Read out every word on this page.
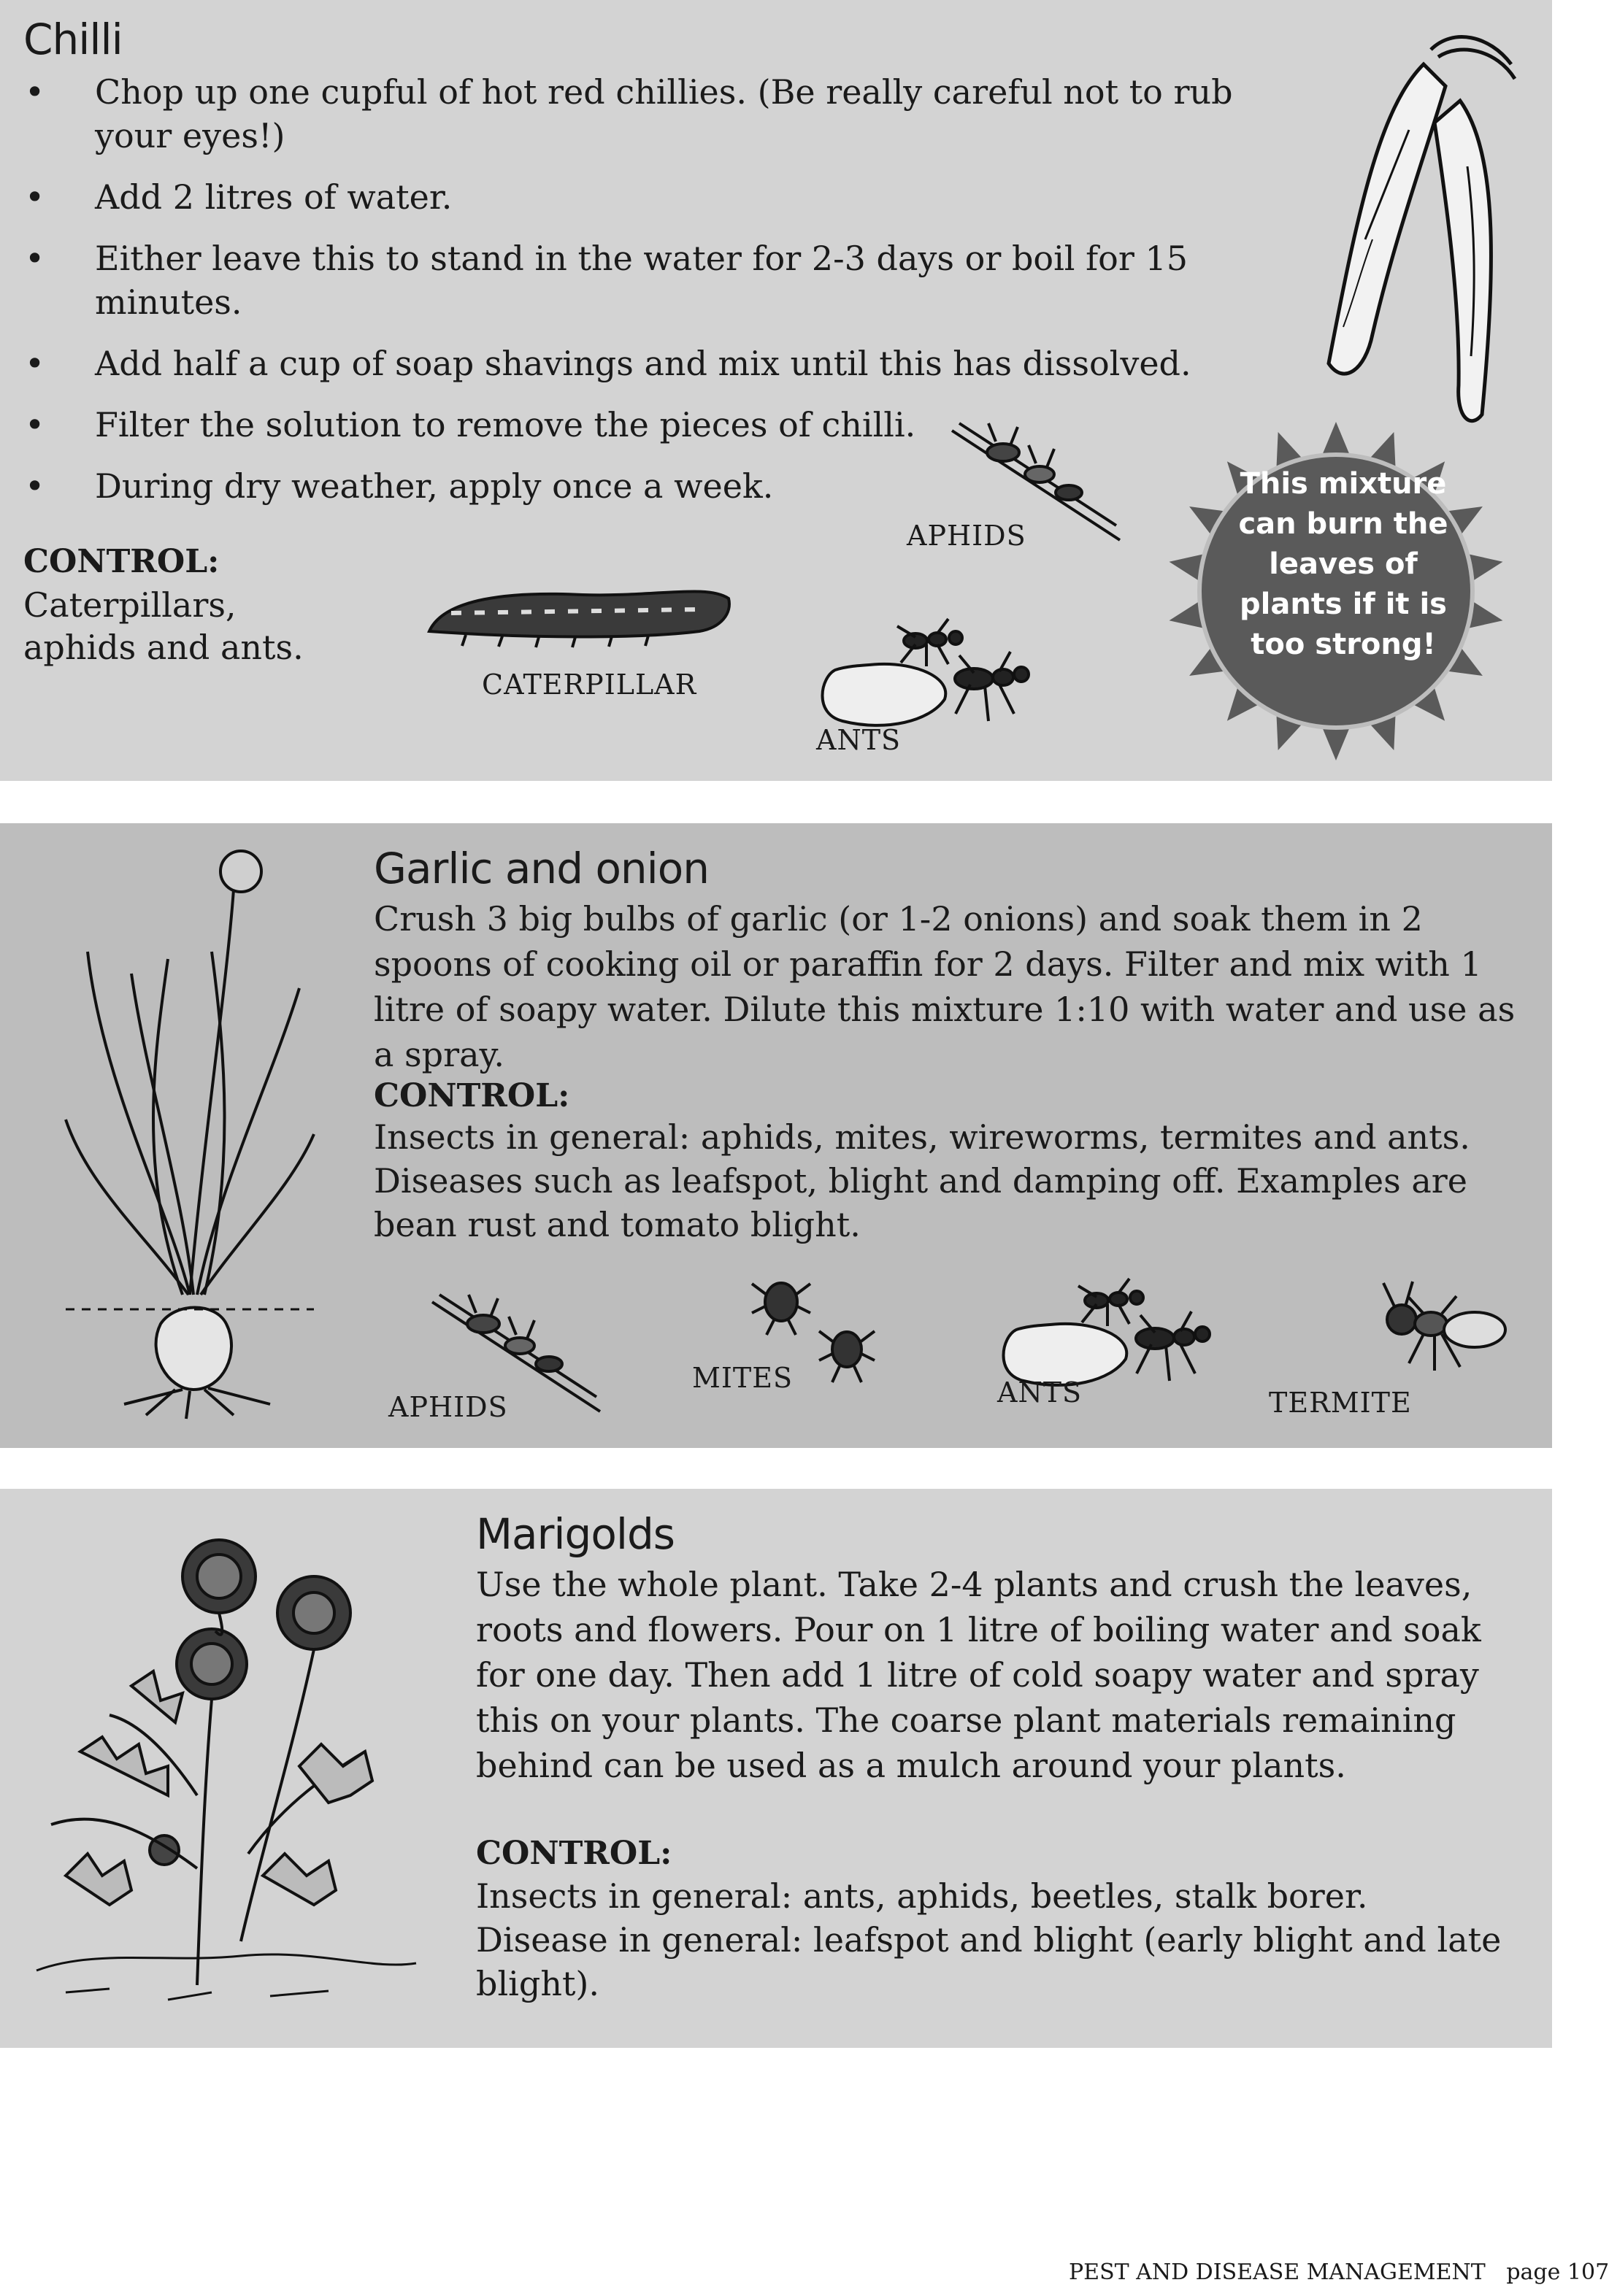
Chilli
• Chop up one cupful of hot red chillies. (Be really careful not to rub your eyes!)
• Add 2 litres of water.
• Either leave this to stand in the water for 2-3 days or boil for 15 minutes.
• Add half a cup of soap shavings and mix until this has dissolved.
• Filter the solution to remove the pieces of chilli.
• During dry weather, apply once a week.

CONTROL:

Caterpillars, aphids and ants.

APHIDS
CATERPILLAR
ANTS
This mixture can burn the leaves of plants if it is too strong!
Garlic and onion

Crush 3 big bulbs of garlic (or 1-2 onions) and soak them in 2 spoons of cooking oil or paraffin for 2 days. Filter and mix with 1 litre of soapy water. Dilute this mixture 1:10 with water and use as a spray.

CONTROL:

Insects in general: aphids, mites, wireworms, termites and ants. Diseases such as leafspot, blight and damping off. Examples are bean rust and tomato blight.

APHIDS
MITES	ANTS	TERMITE
Marigolds

Use the whole plant. Take 2-4 plants and crush the leaves, roots and flowers. Pour on 1 litre of boiling water and soak for one day. Then add 1 litre of cold soapy water and spray this on your plants. The coarse plant materials remaining behind can be used as a mulch around your plants.

CONTROL:

Insects in general: ants, aphids, beetles, stalk borer.

Disease in general: leafspot and blight (early blight and late blight).

PEST AND DISEASE MANAGEMENT page 107
